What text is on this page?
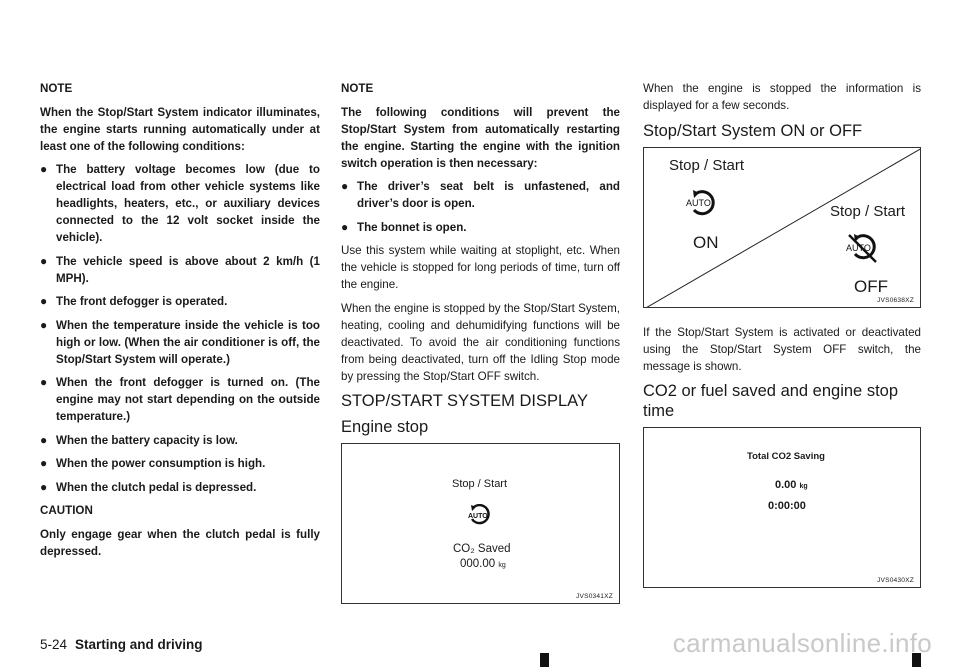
NOTE
When the Stop/Start System indicator illuminates, the engine starts running automatically under at least one of the following conditions:
● The battery voltage becomes low (due to electrical load from other vehicle systems like headlights, heaters, etc., or auxiliary devices connected to the 12 volt socket inside the vehicle).
● The vehicle speed is above about 2 km/h (1 MPH).
● The front defogger is operated.
● When the temperature inside the vehicle is too high or low. (When the air conditioner is off, the Stop/Start System will operate.)
● When the front defogger is turned on. (The engine may not start depending on the outside temperature.)
● When the battery capacity is low.
● When the power consumption is high.
● When the clutch pedal is depressed.
CAUTION
Only engage gear when the clutch pedal is fully depressed.
NOTE
The following conditions will prevent the Stop/Start System from automatically restarting the engine. Starting the engine with the ignition switch operation is then necessary:
● The driver’s seat belt is unfastened, and driver’s door is open.
● The bonnet is open.
Use this system while waiting at stoplight, etc. When the vehicle is stopped for long periods of time, turn off the engine.
When the engine is stopped by the Stop/Start System, heating, cooling and dehumidifying functions will be deactivated. To avoid the air conditioning functions from being deactivated, turn off the Idling Stop mode by pressing the Stop/Start OFF switch.
STOP/START SYSTEM DISPLAY
Engine stop
Stop / Start
AUTO
CO₂ Saved
000.00 kg
JVS0341XZ
When the engine is stopped the information is displayed for a few seconds.
Stop/Start System ON or OFF
Stop / Start
AUTO
ON
Stop / Start
AUTO
OFF
JVS0638XZ
If the Stop/Start System is activated or deactivated using the Stop/Start System OFF switch, the message is shown.
CO2 or fuel saved and engine stop time
Total CO2 Saving
0.00 kg
0:00:00
JVS0430XZ
5-24 Starting and driving	carmanualsonline.info
